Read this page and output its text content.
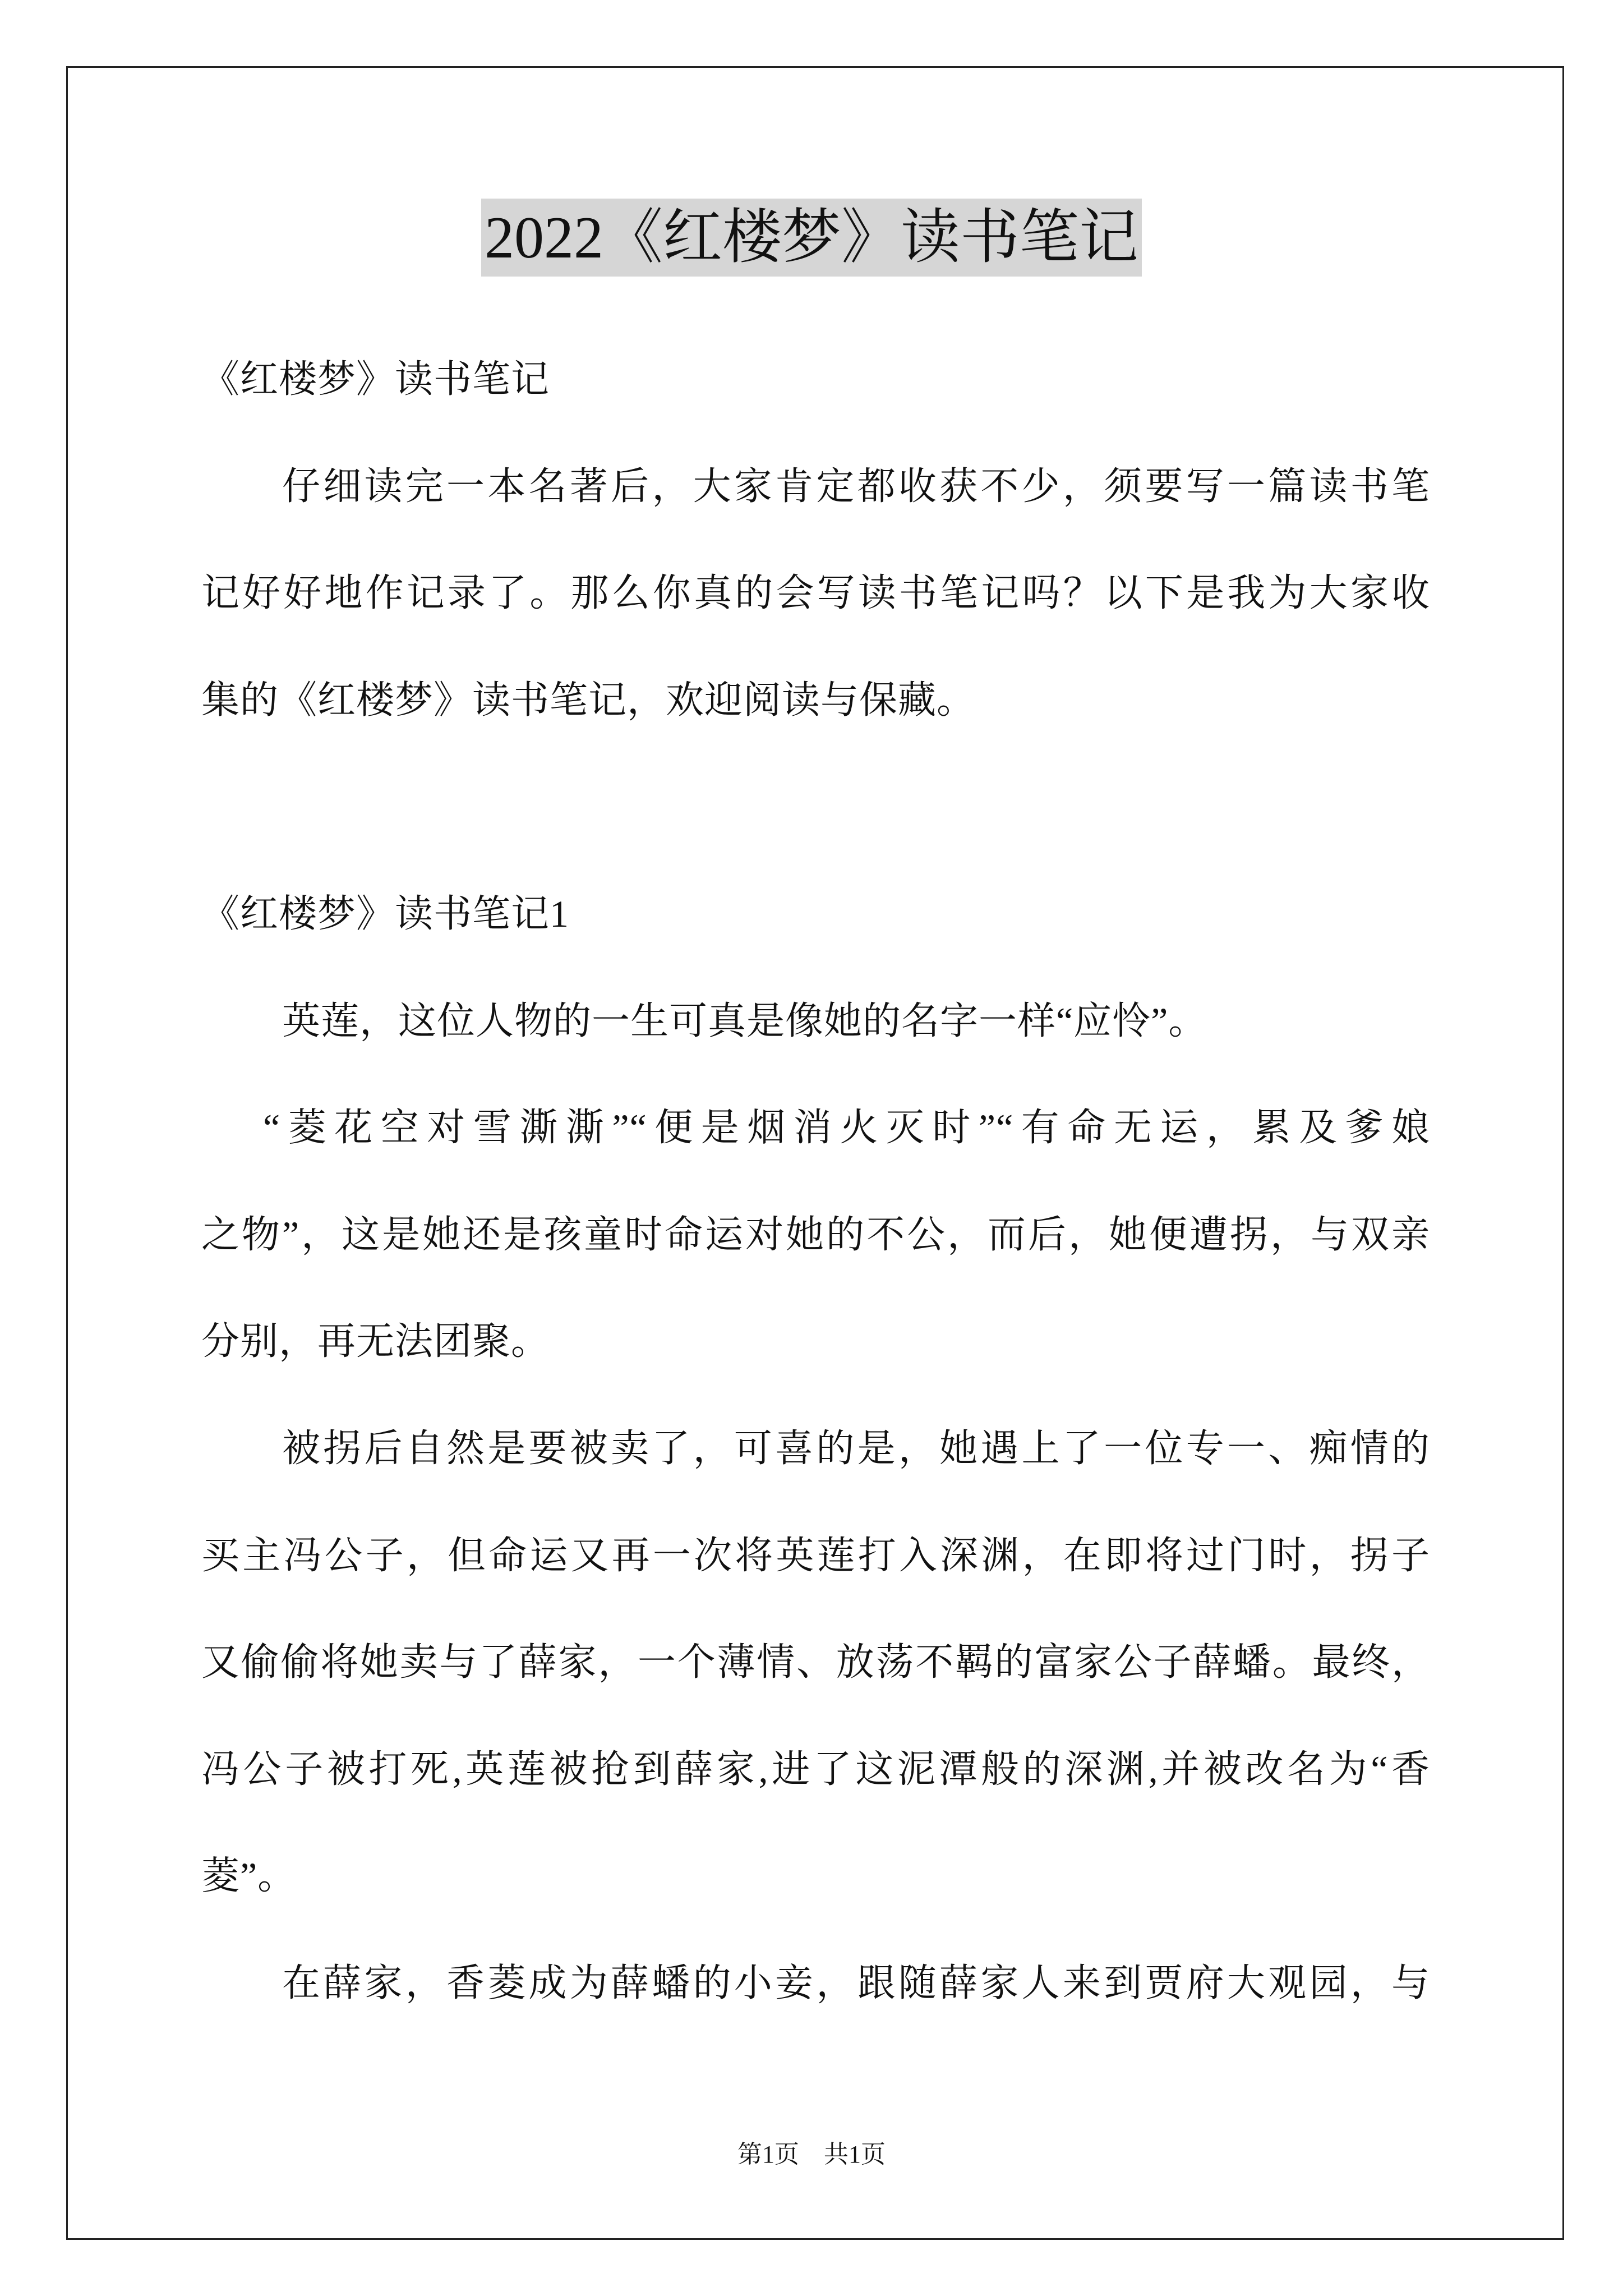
2022《红楼梦》读书笔记
《红楼梦》读书笔记
仔细读完一本名著后，大家肯定都收获不少，须要写一篇读书笔
记好好地作记录了。那么你真的会写读书笔记吗？以下是我为大家收
集的《红楼梦》读书笔记，欢迎阅读与保藏。
《红楼梦》读书笔记1
英莲，这位人物的一生可真是像她的名字一样“应怜”。
“菱花空对雪澌澌”“便是烟消火灭时”“有命无运，累及爹娘
之物”，这是她还是孩童时命运对她的不公，而后，她便遭拐，与双亲
分别，再无法团聚。
被拐后自然是要被卖了，可喜的是，她遇上了一位专一、痴情的
买主冯公子，但命运又再一次将英莲打入深渊，在即将过门时，拐子
又偷偷将她卖与了薛家，一个薄情、放荡不羁的富家公子薛蟠。最终，
冯公子被打死,英莲被抢到薛家,进了这泥潭般的深渊,并被改名为“香
菱”。
在薛家，香菱成为薛蟠的小妾，跟随薛家人来到贾府大观园，与
第1页　共1页
